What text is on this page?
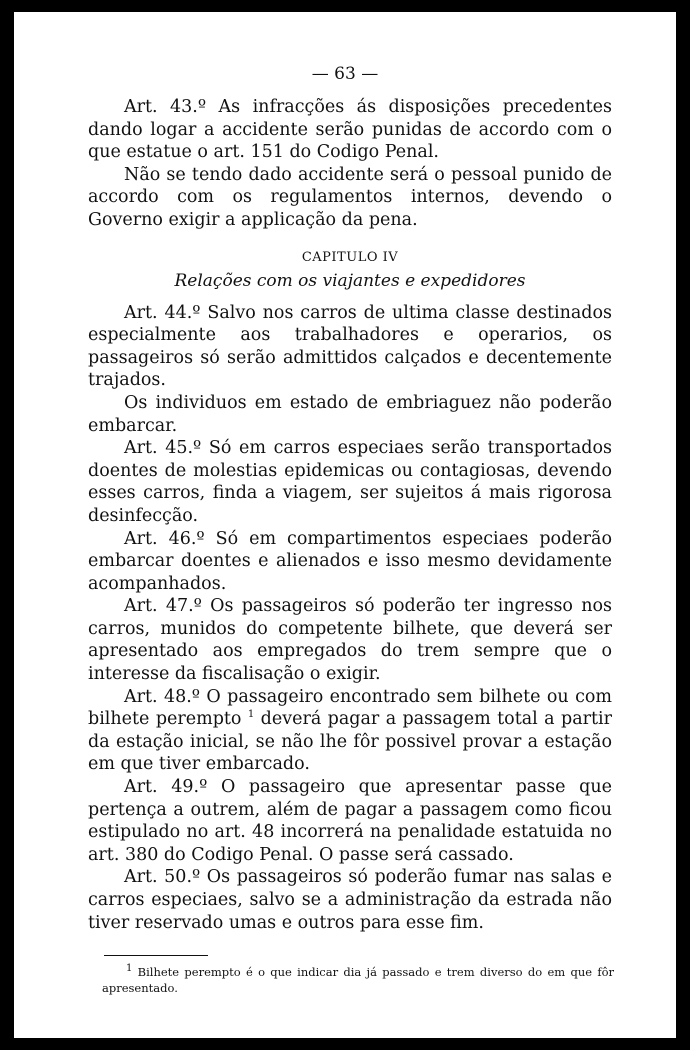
— 63 —

Art. 43.º As infracções ás disposições precedentes dando logar a accidente serão punidas de accordo com o que estatue o art. 151 do Codigo Penal.

Não se tendo dado accidente será o pessoal punido de accordo com os regulamentos internos, devendo o Governo exigir a applicação da pena.

CAPITULO IV
Relações com os viajantes e expedidores

Art. 44.º Salvo nos carros de ultima classe destinados especialmente aos trabalhadores e operarios, os passageiros só serão admittidos calçados e decentemente trajados.

Os individuos em estado de embriaguez não poderão embarcar.

Art. 45.º Só em carros especiaes serão transportados doentes de molestias epidemicas ou contagiosas, devendo esses carros, finda a viagem, ser sujeitos á mais rigorosa desinfecção.

Art. 46.º Só em compartimentos especiaes poderão embarcar doentes e alienados e isso mesmo devidamente acompanhados.

Art. 47.º Os passageiros só poderão ter ingresso nos carros, munidos do competente bilhete, que deverá ser apresentado aos empregados do trem sempre que o interesse da fiscalisação o exigir.

Art. 48.º O passageiro encontrado sem bilhete ou com bilhete perempto $^1$ deverá pagar a passagem total a partir da estação inicial, se não lhe fôr possivel provar a estação em que tiver embarcado.

Art. 49.º O passageiro que apresentar passe que pertença a outrem, além de pagar a passagem como ficou estipulado no art. 48 incorrerá na penalidade estatuida no art. 380 do Codigo Penal. O passe será cassado.

Art. 50.º Os passageiros só poderão fumar nas salas e carros especiaes, salvo se a administração da estrada não tiver reservado umas e outros para esse fim.

$^1$ Bilhete perempto é o que indicar dia já passado e trem diverso do em que fôr apresentado.
